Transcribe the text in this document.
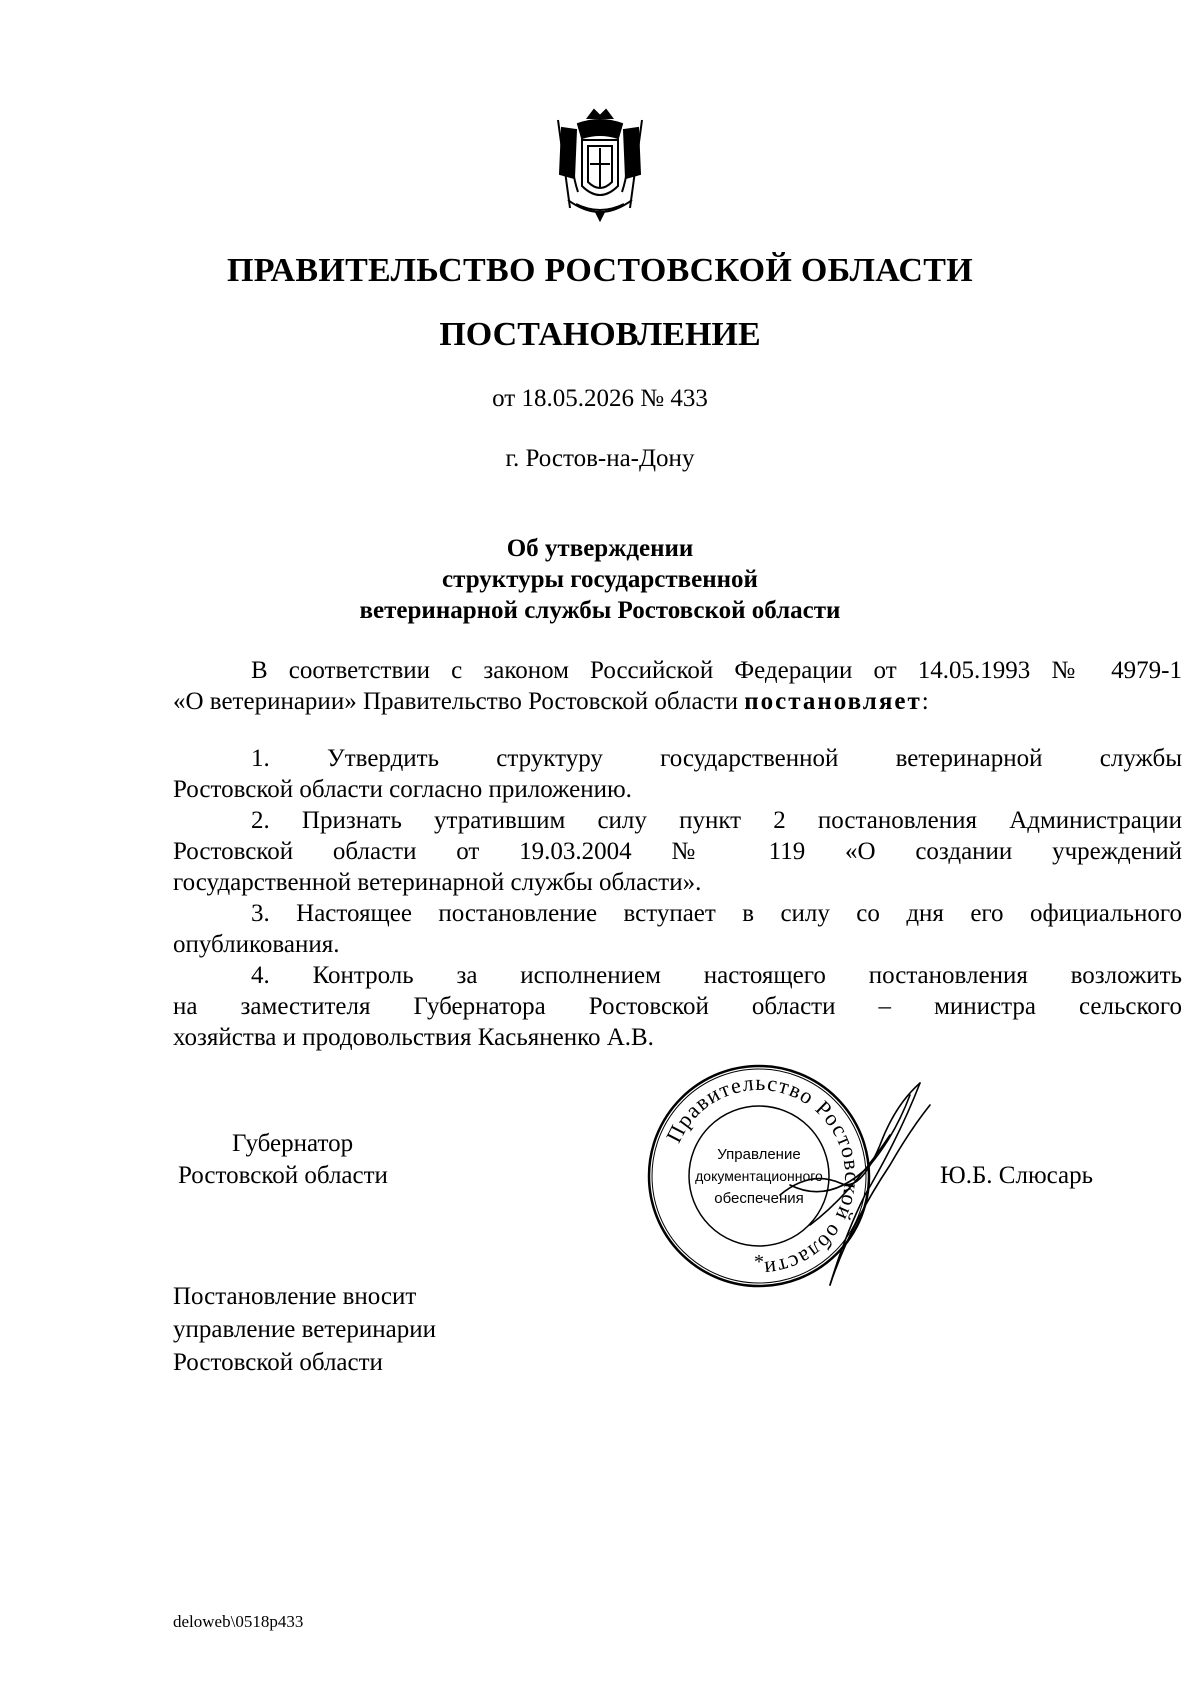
ПРАВИТЕЛЬСТВО РОСТОВСКОЙ ОБЛАСТИ
ПОСТАНОВЛЕНИЕ
от 18.05.2026 № 433
г. Ростов-на-Дону
Об утверждении
структуры государственной
ветеринарной службы Ростовской области
В соответствии с законом Российской Федерации от 14.05.1993 № 4979-1
«О ветеринарии» Правительство Ростовской области постановляет:
1. Утвердить структуру государственной ветеринарной службы
Ростовской области согласно приложению.
2. Признать утратившим силу пункт 2 постановления Администрации
Ростовской области от 19.03.2004 № 119 «О создании учреждений
государственной ветеринарной службы области».
3. Настоящее постановление вступает в силу со дня его официального
опубликования.
4. Контроль за исполнением настоящего постановления возложить
на заместителя Губернатора Ростовской области – министра сельского
хозяйства и продовольствия Касьяненко А.В.
Губернатор
Ростовской области	Ю.Б. Слюсарь
Правительство Ростовской области
Управление
документационного
обеспечения
*
Постановление вносит
управление ветеринарии
Ростовской области
deloweb\0518p433
